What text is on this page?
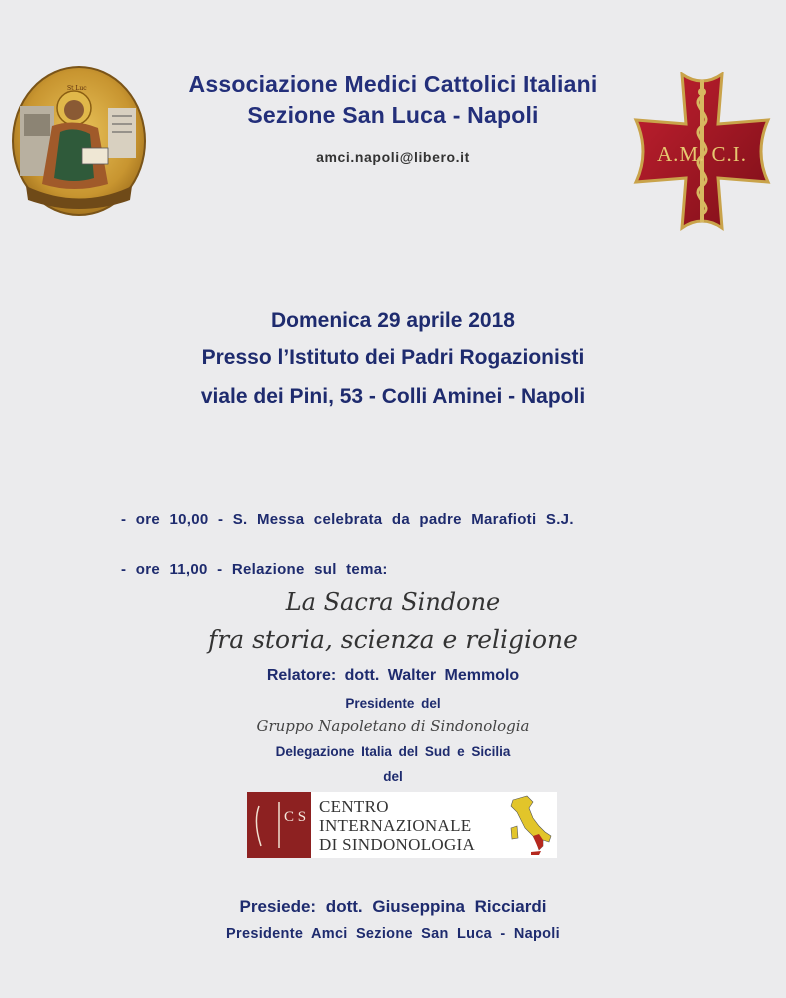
St Luc
A.M. C.I.
Associazione Medici Cattolici Italiani
Sezione San Luca - Napoli
amci.napoli@libero.it
Domenica 29 aprile 2018
Presso l’Istituto dei Padri Rogazionisti
viale dei Pini, 53 - Colli Aminei - Napoli
- ore 10,00 - S. Messa celebrata da padre Marafioti S.J.
- ore 11,00 - Relazione sul tema:
La Sacra Sindone
fra storia, scienza e religione
Relatore: dott. Walter Memmolo
Presidente del
Gruppo Napoletano di Sindonologia
Delegazione Italia del Sud e Sicilia
del
C S
CENTRO
INTERNAZIONALE
DI SINDONOLOGIA
Presiede: dott. Giuseppina Ricciardi
Presidente Amci Sezione San Luca - Napoli
